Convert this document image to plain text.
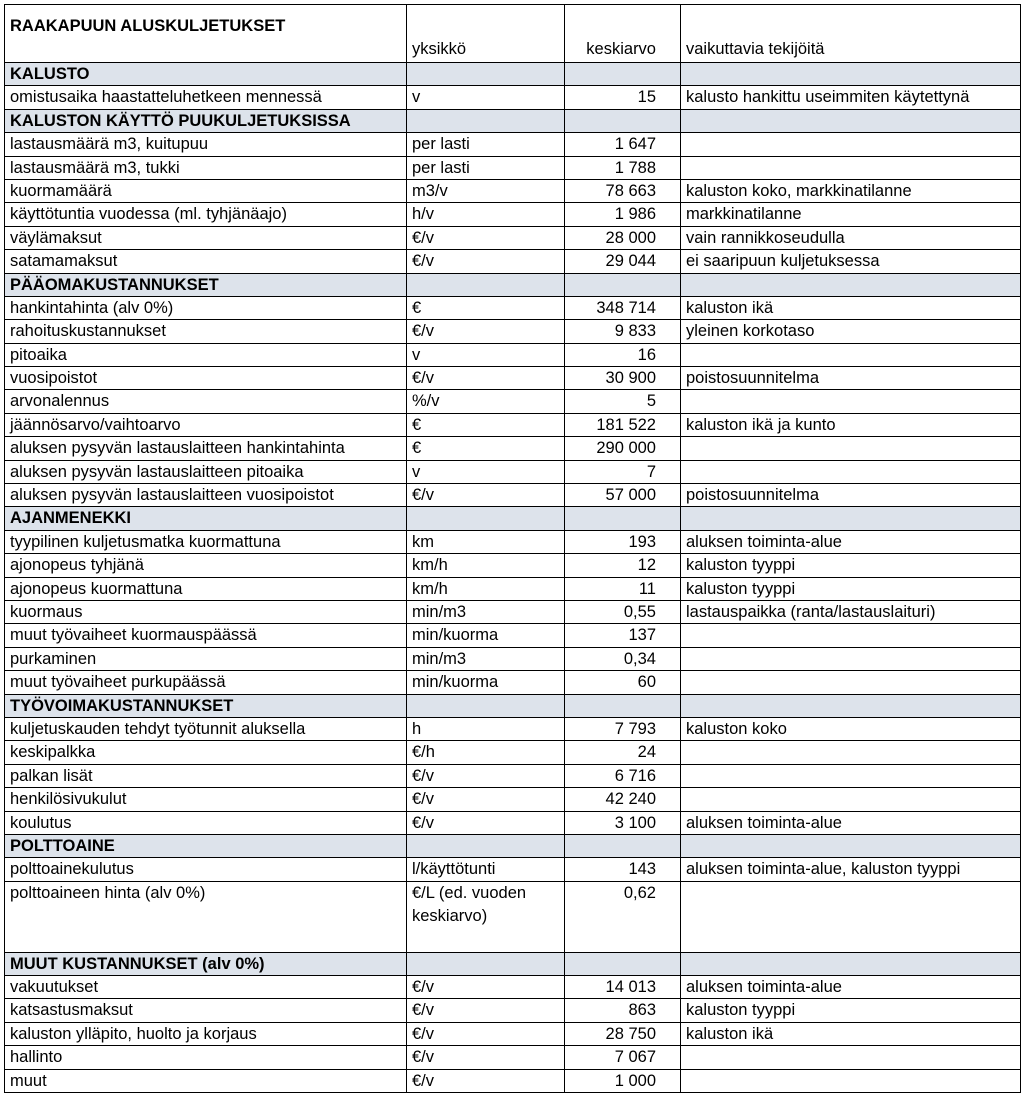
RAAKAPUUN ALUSKULJETUKSET	yksikkö	keskiarvo	vaikuttavia tekijöitä
KALUSTO			
omistusaika haastatteluhetkeen mennessä	v	15	kalusto hankittu useimmiten käytettynä
KALUSTON KÄYTTÖ PUUKULJETUKSISSA			
lastausmäärä m3, kuitupuu	per lasti	1 647	
lastausmäärä m3, tukki	per lasti	1 788	
kuormamäärä	m3/v	78 663	kaluston koko, markkinatilanne
käyttötuntia vuodessa (ml. tyhjänäajo)	h/v	1 986	markkinatilanne
väylämaksut	€/v	28 000	vain rannikkoseudulla
satamamaksut	€/v	29 044	ei saaripuun kuljetuksessa
PÄÄOMAKUSTANNUKSET			
hankintahinta (alv 0%)	€	348 714	kaluston ikä
rahoituskustannukset	€/v	9 833	yleinen korkotaso
pitoaika	v	16	
vuosipoistot	€/v	30 900	poistosuunnitelma
arvonalennus	%/v	5	
jäännösarvo/vaihtoarvo	€	181 522	kaluston ikä ja kunto
aluksen pysyvän lastauslaitteen hankintahinta	€	290 000	
aluksen pysyvän lastauslaitteen pitoaika	v	7	
aluksen pysyvän lastauslaitteen vuosipoistot	€/v	57 000	poistosuunnitelma
AJANMENEKKI			
tyypilinen kuljetusmatka kuormattuna	km	193	aluksen toiminta-alue
ajonopeus tyhjänä	km/h	12	kaluston tyyppi
ajonopeus kuormattuna	km/h	11	kaluston tyyppi
kuormaus	min/m3	0,55	lastauspaikka (ranta/lastauslaituri)
muut työvaiheet kuormauspäässä	min/kuorma	137	
purkaminen	min/m3	0,34	
muut työvaiheet purkupäässä	min/kuorma	60	
TYÖVOIMAKUSTANNUKSET			
kuljetuskauden tehdyt työtunnit aluksella	h	7 793	kaluston koko
keskipalkka	€/h	24	
palkan lisät	€/v	6 716	
henkilösivukulut	€/v	42 240	
koulutus	€/v	3 100	aluksen toiminta-alue
POLTTOAINE			
polttoainekulutus	l/käyttötunti	143	aluksen toiminta-alue, kaluston tyyppi
polttoaineen hinta (alv 0%)	€/L (ed. vuoden keskiarvo)	0,62	
MUUT KUSTANNUKSET (alv 0%)			
vakuutukset	€/v	14 013	aluksen toiminta-alue
katsastusmaksut	€/v	863	kaluston tyyppi
kaluston ylläpito, huolto ja korjaus	€/v	28 750	kaluston ikä
hallinto	€/v	7 067	
muut	€/v	1 000	
